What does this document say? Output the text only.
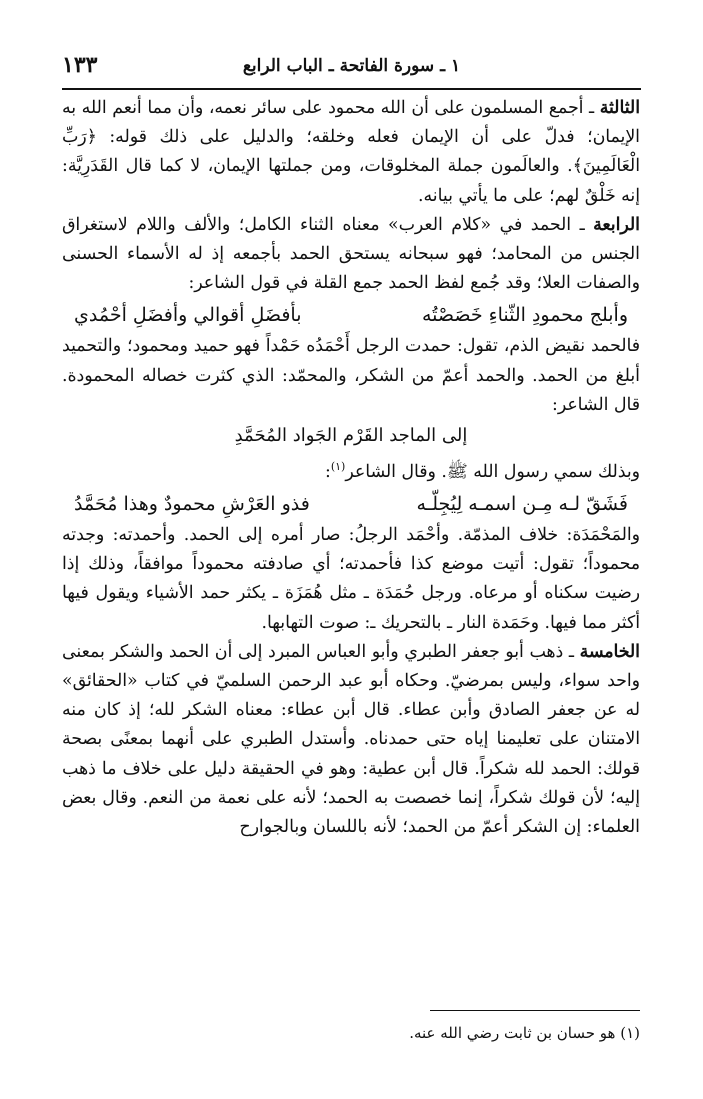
١٣٣	١ ـ سورة الفاتحة ـ الباب الرابع

الثالثة ـ أجمع المسلمون على أن الله محمود على سائر نعمه، وأن مما أنعم الله به الإيمان؛ فدلّ على أن الإيمان فعله وخلقه؛ والدليل على ذلك قوله: ﴿رَبِّ الْعَالَمِينَ﴾. والعالَمون جملة المخلوقات، ومن جملتها الإيمان، لا كما قال القَدَرِيَّة: إنه خَلْقٌ لهم؛ على ما يأتي بيانه.

الرابعة ـ الحمد في «كلام العرب» معناه الثناء الكامل؛ والألف واللام لاستغراق الجنس من المحامد؛ فهو سبحانه يستحق الحمد بأجمعه إذ له الأسماء الحسنى والصفات العلا؛ وقد جُمع لفظ الحمد جمع القلة في قول الشاعر:

وأبلج محمودِ الثّناءِ خَصَصْتُه
بأفضَلِ أقوالي وأفضَلِ أحْمُدي

فالحمد نقيض الذم، تقول: حمدت الرجل أَحْمَدُه حَمْداً فهو حميد ومحمود؛ والتحميد أبلغ من الحمد. والحمد أعمّ من الشكر، والمحمّد: الذي كثرت خصاله المحمودة. قال الشاعر:

إلى الماجد القَرْم الجَواد المُحَمَّدِ

وبذلك سمي رسول الله ﷺ. وقال الشاعر$^{(١)}$:

فَشَقّ لـه مِـن اسمـه لِيُجِلّـه
فذو العَرْشِ محمودٌ وهذا مُحَمَّدُ

والمَحْمَدَة: خلاف المذمّة. وأحْمَد الرجلُ: صار أمره إلى الحمد. وأحمدته: وجدته محموداً؛ تقول: أتيت موضع كذا فأحمدته؛ أي صادفته محموداً موافقاً، وذلك إذا رضيت سكناه أو مرعاه. ورجل حُمَدَة ـ مثل هُمَزَة ـ يكثر حمد الأشياء ويقول فيها أكثر مما فيها. وحَمَدة النار ـ بالتحريك ـ: صوت التهابها.

الخامسة ـ ذهب أبو جعفر الطبري وأبو العباس المبرد إلى أن الحمد والشكر بمعنى واحد سواء، وليس بمرضيّ. وحكاه أبو عبد الرحمن السلميّ في كتاب «الحقائق» له عن جعفر الصادق وأبن عطاء. قال أبن عطاء: معناه الشكر لله؛ إذ كان منه الامتنان على تعليمنا إياه حتى حمدناه. وأستدل الطبري على أنهما بمعنًى بصحة قولك: الحمد لله شكراً. قال أبن عطية: وهو في الحقيقة دليل على خلاف ما ذهب إليه؛ لأن قولك شكراً، إنما خصصت به الحمد؛ لأنه على نعمة من النعم. وقال بعض العلماء: إن الشكر أعمّ من الحمد؛ لأنه باللسان وبالجوارح

(١) هو حسان بن ثابت رضي الله عنه.
